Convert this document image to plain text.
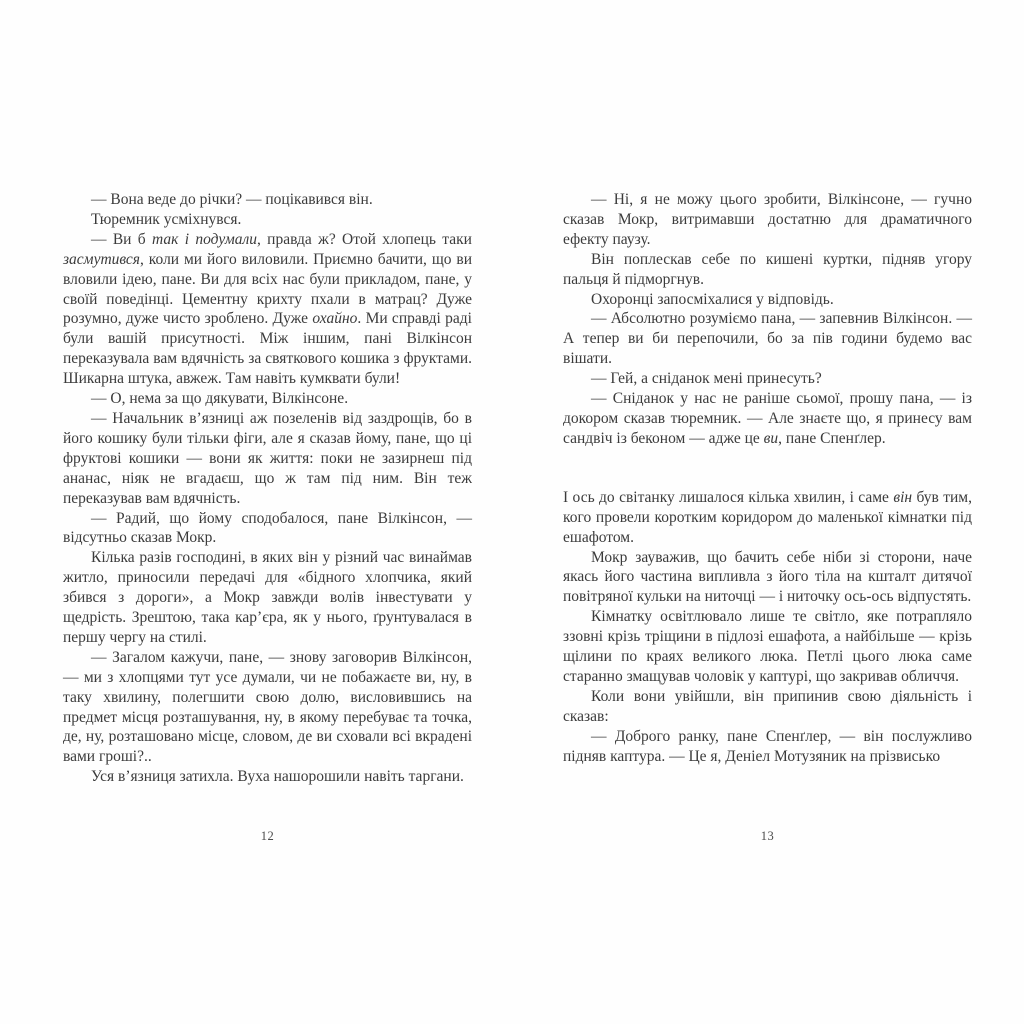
— Вона веде до річки? — поцікавився він.

Тюремник усміхнувся.

— Ви б так і подумали, правда ж? Отой хлопець таки засмутився, коли ми його виловили. Приємно бачити, що ви вловили ідею, пане. Ви для всіх нас були прикладом, пане, у своїй поведінці. Цементну крихту пхали в матрац? Дуже розумно, дуже чисто зроблено. Дуже охайно. Ми справді раді були вашій присутності. Між іншим, пані Вілкінсон переказувала вам вдячність за святкового кошика з фруктами. Шикарна штука, авжеж. Там навіть кумквати були!

— О, нема за що дякувати, Вілкінсоне.

— Начальник в’язниці аж позеленів від заздрощів, бо в його кошику були тільки фіги, але я сказав йому, пане, що ці фруктові кошики — вони як життя: поки не зазирнеш під ананас, ніяк не вгадаєш, що ж там під ним. Він теж переказував вам вдячність.

— Радий, що йому сподобалося, пане Вілкінсон, — відсутньо сказав Мокр.

Кілька разів господині, в яких він у різний час винаймав житло, приносили передачі для «бідного хлопчика, який збився з дороги», а Мокр завжди волів інвестувати у щедрість. Зрештою, така кар’єра, як у нього, ґрунтувалася в першу чергу на стилі.

— Загалом кажучи, пане, — знову заговорив Вілкінсон, — ми з хлопцями тут усе думали, чи не побажаєте ви, ну, в таку хвилину, полегшити свою долю, висловившись на предмет місця розташування, ну, в якому перебуває та точка, де, ну, розташовано місце, словом, де ви сховали всі вкрадені вами гроші?..

Уся в’язниця затихла. Вуха нашорошили навіть таргани.

— Ні, я не можу цього зробити, Вілкінсоне, — гучно сказав Мокр, витримавши достатню для драматичного ефекту паузу.

Він поплескав себе по кишені куртки, підняв угору пальця й підморгнув.

Охоронці запосміхалися у відповідь.

— Абсолютно розуміємо пана, — запевнив Вілкінсон. — А тепер ви би перепочили, бо за пів години будемо вас вішати.

— Гей, а сніданок мені принесуть?

— Сніданок у нас не раніше сьомої, прошу пана, — із докором сказав тюремник. — Але знаєте що, я принесу вам сандвіч із беконом — адже це ви, пане Спенґлер.

І ось до світанку лишалося кілька хвилин, і саме він був тим, кого провели коротким коридором до маленької кімнатки під ешафотом.

Мокр зауважив, що бачить себе ніби зі сторони, наче якась його частина випливла з його тіла на кшталт дитячої повітряної кульки на ниточці — і ниточку ось-ось відпустять.

Кімнатку освітлювало лише те світло, яке потрапляло ззовні крізь тріщини в підлозі ешафота, а найбільше — крізь щілини по краях великого люка. Петлі цього люка саме старанно змащував чоловік у каптурі, що закривав обличчя.

Коли вони увійшли, він припинив свою діяльність і сказав:

— Доброго ранку, пане Спенґлер, — він послужливо підняв каптура. — Це я, Деніел Мотузяник на прізвисько

12	13
